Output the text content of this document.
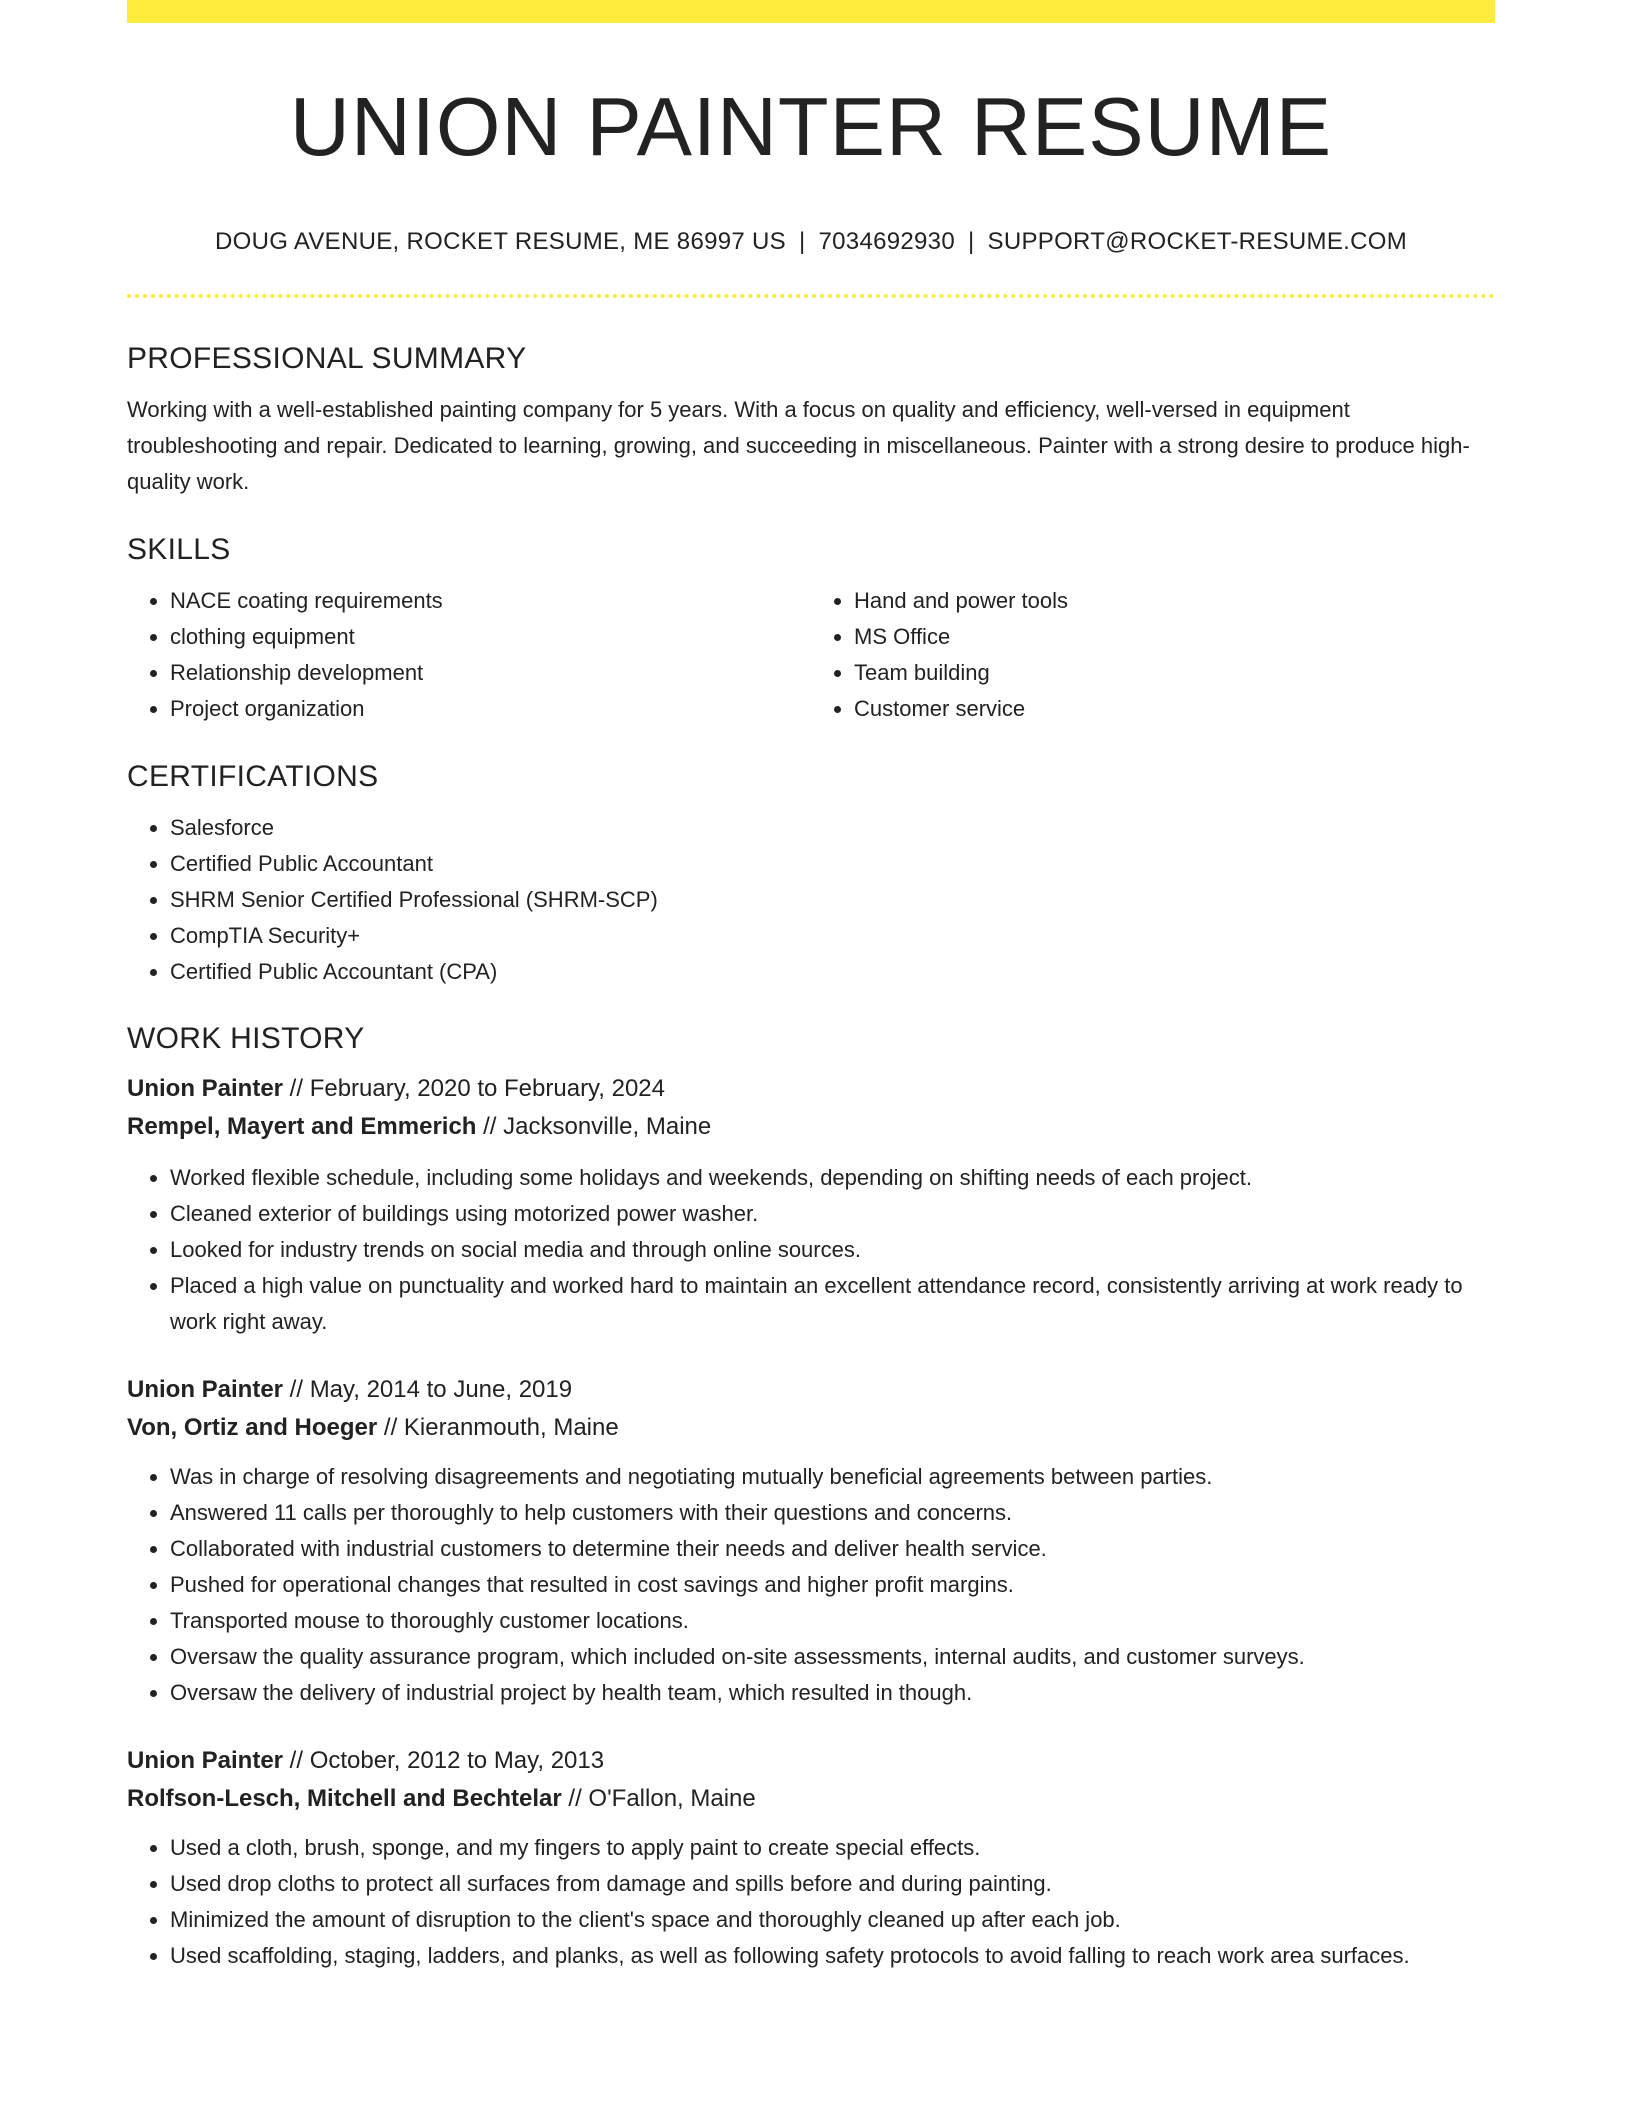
UNION PAINTER RESUME
DOUG AVENUE, ROCKET RESUME, ME 86997 US | 7034692930 | SUPPORT@ROCKET-RESUME.COM
PROFESSIONAL SUMMARY

Working with a well-established painting company for 5 years. With a focus on quality and efficiency, well-versed in equipment troubleshooting and repair. Dedicated to learning, growing, and succeeding in miscellaneous. Painter with a strong desire to produce high-quality work.

SKILLS
• NACE coating requirements
• clothing equipment
• Relationship development
• Project organization
• Hand and power tools
• MS Office
• Team building
• Customer service
CERTIFICATIONS
• Salesforce
• Certified Public Accountant
• SHRM Senior Certified Professional (SHRM-SCP)
• CompTIA Security+
• Certified Public Accountant (CPA)
WORK HISTORY

Union Painter // February, 2020 to February, 2024

Rempel, Mayert and Emmerich // Jacksonville, Maine

• Worked flexible schedule, including some holidays and weekends, depending on shifting needs of each project.
• Cleaned exterior of buildings using motorized power washer.
• Looked for industry trends on social media and through online sources.
• Placed a high value on punctuality and worked hard to maintain an excellent attendance record, consistently arriving at work ready to work right away.

Union Painter // May, 2014 to June, 2019

Von, Ortiz and Hoeger // Kieranmouth, Maine

• Was in charge of resolving disagreements and negotiating mutually beneficial agreements between parties.
• Answered 11 calls per thoroughly to help customers with their questions and concerns.
• Collaborated with industrial customers to determine their needs and deliver health service.
• Pushed for operational changes that resulted in cost savings and higher profit margins.
• Transported mouse to thoroughly customer locations.
• Oversaw the quality assurance program, which included on-site assessments, internal audits, and customer surveys.
• Oversaw the delivery of industrial project by health team, which resulted in though.

Union Painter // October, 2012 to May, 2013

Rolfson-Lesch, Mitchell and Bechtelar // O'Fallon, Maine

• Used a cloth, brush, sponge, and my fingers to apply paint to create special effects.
• Used drop cloths to protect all surfaces from damage and spills before and during painting.
• Minimized the amount of disruption to the client's space and thoroughly cleaned up after each job.
• Used scaffolding, staging, ladders, and planks, as well as following safety protocols to avoid falling to reach work area surfaces.
